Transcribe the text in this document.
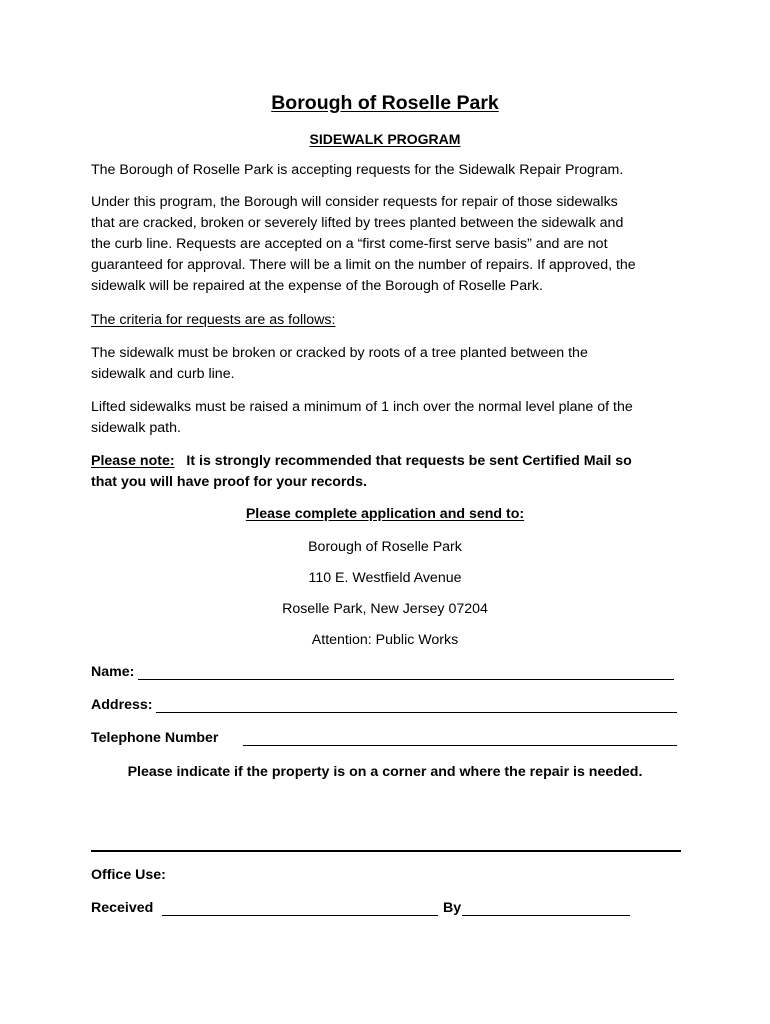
Borough of Roselle Park
SIDEWALK PROGRAM
The Borough of Roselle Park is accepting requests for the Sidewalk Repair Program.
Under this program, the Borough will consider requests for repair of those sidewalks
that are cracked, broken or severely lifted by trees planted between the sidewalk and
the curb line. Requests are accepted on a “first come-first serve basis” and are not
guaranteed for approval. There will be a limit on the number of repairs. If approved, the
sidewalk will be repaired at the expense of the Borough of Roselle Park.
The criteria for requests are as follows:
The sidewalk must be broken or cracked by roots of a tree planted between the
sidewalk and curb line.
Lifted sidewalks must be raised a minimum of 1 inch over the normal level plane of the
sidewalk path.
Please note: It is strongly recommended that requests be sent Certified Mail so
that you will have proof for your records.
Please complete application and send to:
Borough of Roselle Park
110 E. Westfield Avenue
Roselle Park, New Jersey 07204
Attention: Public Works
Name:
Address:
Telephone Number
Please indicate if the property is on a corner and where the repair is needed.
Office Use:
Received	By
